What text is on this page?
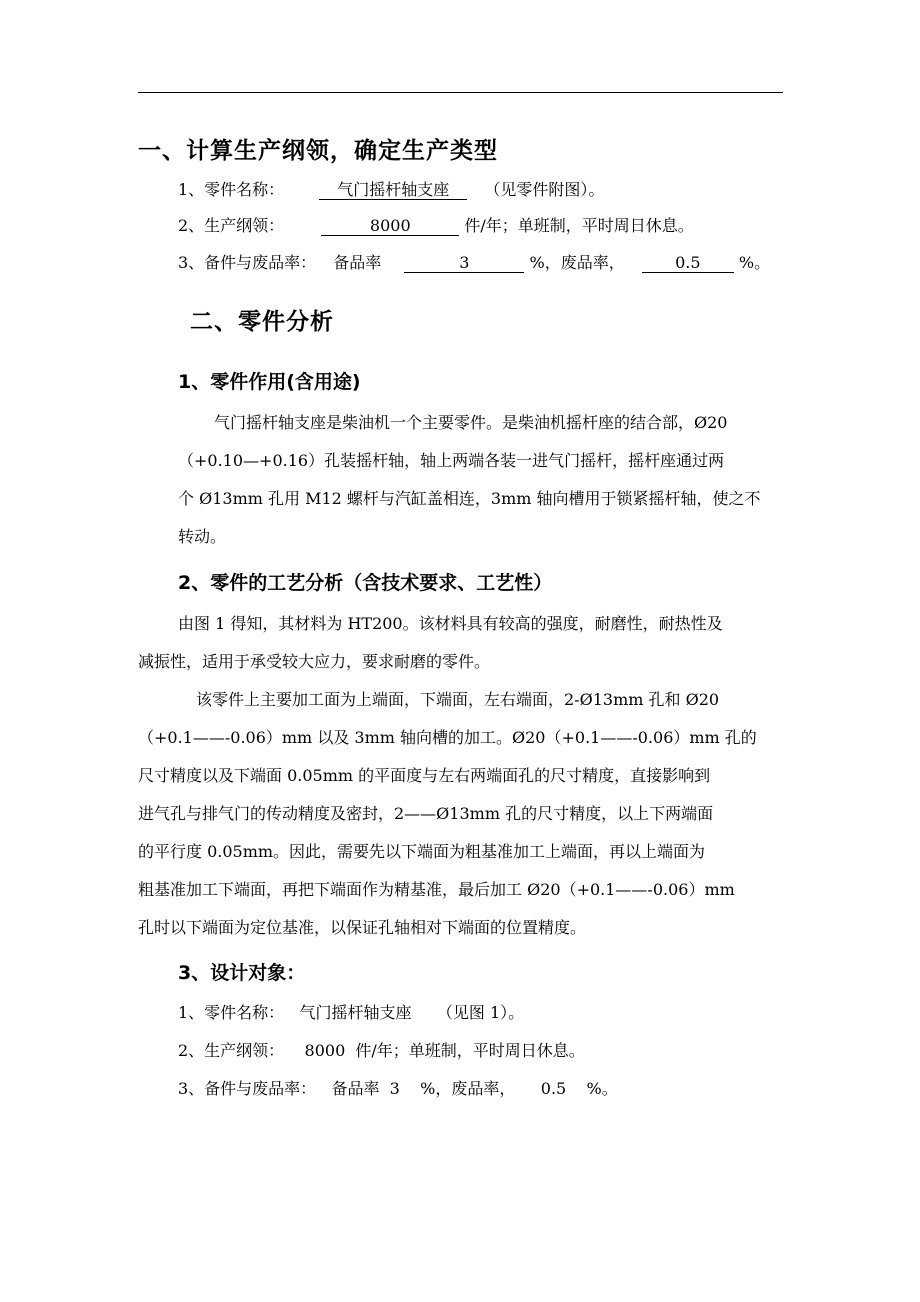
一、计算生产纲领，确定生产类型
1、零件名称：	气门摇杆轴支座 （见零件附图）。
2、生产纲领：	8000	件/年；单班制，平时周日休息。
3、备件与废品率： 备品率	3	%，废品率，	0.5 %。
二、零件分析
1、零件作用(含用途)
气门摇杆轴支座是柴油机一个主要零件。是柴油机摇杆座的结合部，Ø20
（+0.10—+0.16）孔装摇杆轴，轴上两端各装一进气门摇杆，摇杆座通过两
个 Ø13mm 孔用 M12 螺杆与汽缸盖相连，3mm 轴向槽用于锁紧摇杆轴，使之不
转动。
2、零件的工艺分析（含技术要求、工艺性）
由图 1 得知，其材料为 HT200。该材料具有较高的强度，耐磨性，耐热性及
减振性，适用于承受较大应力，要求耐磨的零件。
该零件上主要加工面为上端面，下端面，左右端面，2-Ø13mm 孔和 Ø20
（+0.1——-0.06）mm 以及 3mm 轴向槽的加工。Ø20（+0.1——-0.06）mm 孔的
尺寸精度以及下端面 0.05mm 的平面度与左右两端面孔的尺寸精度，直接影响到
进气孔与排气门的传动精度及密封，2——Ø13mm 孔的尺寸精度，以上下两端面
的平行度 0.05mm。因此，需要先以下端面为粗基准加工上端面，再以上端面为
粗基准加工下端面，再把下端面作为精基准，最后加工 Ø20（+0.1——-0.06）mm
孔时以下端面为定位基准，以保证孔轴相对下端面的位置精度。
3、设计对象：
1、零件名称：   气门摇杆轴支座     （见图 1）。
2、生产纲领：    8000  件/年；单班制，平时周日休息。
3、备件与废品率：   备品率  3    %，废品率，     0.5    %。
